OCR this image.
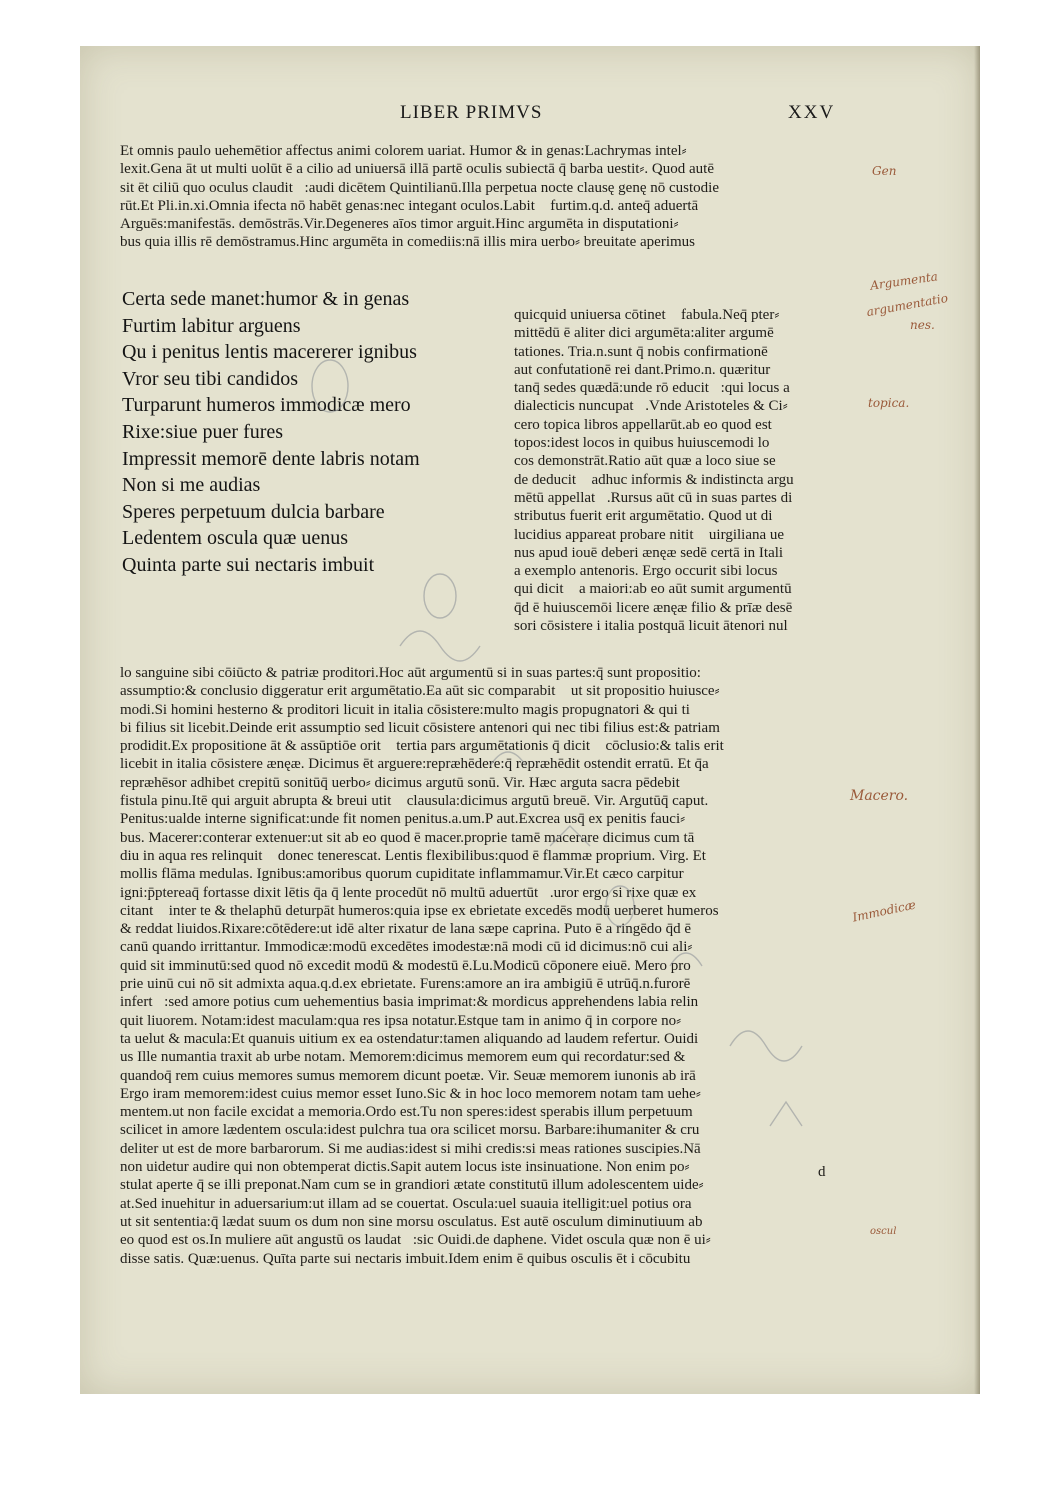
LIBER PRIMVS	XXV
Et omnis paulo uehemētior affectus animi colorem uariat. Humor & in genas:Lachrymas intel⸗
lexit.Gena āt ut multi uolūt ē a cilio ad uniuersā illā partē oculis subiectā q̄ barba uestit⸗. Quod autē
sit ēt ciliū quo oculus clauditᷓ:audi dicētem Quintilianū.Illa perpetua nocte clausę genę nō custodie
rūt.Et Pli.in.xi.Omnia ifecta nō habēt genas:nec integant oculos.Labitᷓ furtim.q.d. anteq̄ aduertā
Arguēs:manifestās. demōstrās.Vir.Degeneres aīos timor arguit.Hinc argumēta in disputationi⸗
bus quia illis rē demōstramus.Hinc argumēta in comediis:nā illis mira uerbo⸗ breuitate aperimus
Certa sede manet:humor & in genas
Furtim labitur arguens
Qu i penitus lentis macererer ignibus
Vror seu tibi candidos
Turparunt humeros immodicæ mero
Rixe:siue puer fures
Impressit memorē dente labris notam
Non si me audias
Speres perpetuum dulcia barbare
Ledentem oscula quæ uenus
Quinta parte sui nectaris imbuit
quicquid uniuersa cōtinetᷓ fabula.Neq̄ pter⸗
mittēdū ē aliter dici argumēta:aliter argumē
tationes. Tria.n.sunt q̄ nobis confirmationē
aut confutationē rei dant.Primo.n. quæritur
tanq̄ sedes quædā:unde rō educitᷓ:qui locus a
dialecticis nuncupatᷓ.Vnde Aristoteles & Ci⸗
cero topica libros appellarūt.ab eo quod est
topos:idest locos in quibus huiuscemodi lo
cos demonstrāt.Ratio aūt quæ a loco siue se
de deducitᷓ adhuc informis & indistincta argu
mētū appellatᷓ.Rursus aūt cū in suas partes di
stributus fuerit erit argumētatio. Quod ut di
lucidius appareat probare nititᷓ uirgiliana ue
nus apud iouē deberi ænęæ sedē certā in Itali
a exemplo antenoris. Ergo occurit sibi locus
qui dicitᷓ a maiori:ab eo aūt sumit argumentū
q̄d ē huiuscemōi licere ænęæ filio & prīæ desē
sori cōsistere i italia postquā licuit ātenori nul
lo sanguine sibi cōiūcto & patriæ proditori.Hoc aūt argumentū si in suas partes:q̄ sunt propositio:
assumptio:& conclusio diggeratur erit argumētatio.Ea aūt sic comparabitᷓ ut sit propositio huiusce⸗
modi.Si homini hesterno & proditori licuit in italia cōsistere:multo magis propugnatori & qui ti
bi filius sit licebit.Deinde erit assumptio sed licuit cōsistere antenori qui nec tibi filius est:& patriam
prodidit.Ex propositione āt & assūptiōe oritᷓ tertia pars argumētationis q̄ dicitᷓ cōclusio:& talis erit
licebit in italia cōsistere ænęæ. Dicimus ēt arguere:repræhēdere:q̄ repræhēdit ostendit erratū. Et q̄a
repræhēsor adhibet crepitū sonitūq̄ uerbo⸗ dicimus argutū sonū. Vir. Hæc arguta sacra pēdebit
fistula pinu.Itē qui arguit abrupta & breui utitᷓ clausula:dicimus argutū breuē. Vir. Argutūq̄ caput.
Penitus:ualde interne significat:unde fit nomen penitus.a.um.P aut.Excrea usq̄ ex penitis fauci⸗
bus. Macerer:conterar extenuer:ut sit ab eo quod ē macer.proprie tamē macerare dicimus cum tā
diu in aqua res relinquitᷓ donec tenerescat. Lentis flexibilibus:quod ē flammæ proprium. Virg. Et
mollis flāma medulas. Ignibus:amoribus quorum cupiditate inflammamur.Vir.Et cæco carpitur
igni:p̄ptereaq̄ fortasse dixit lētis q̄a q̄ lente procedūt nō multū aduertūtᷓ.uror ergo si rixe quæ ex
citantᷓ inter te & thelaphū deturpāt humeros:quia ipse ex ebrietate excedēs modū uerberet humeros
& reddat liuidos.Rixare:cōtēdere:ut idē alter rixatur de lana sæpe caprina. Puto ē a ringēdo q̄d ē
canū quando irrittantur. Immodicæ:modū excedētes imodestæ:nā modi cū id dicimus:nō cui ali⸗
quid sit imminutū:sed quod nō excedit modū & modestū ē.Lu.Modicū cōponere eiuē. Mero pro
prie uinū cui nō sit admixta aqua.q.d.ex ebrietate. Furens:amore an ira ambigiū ē utrūq̄.n.furorē
infertᷓ:sed amore potius cum uehementius basia imprimat:& mordicus apprehendens labia relin
quit liuorem. Notam:idest maculam:qua res ipsa notatur.Estque tam in animo q̄ in corpore no⸗
ta uelut & macula:Et quanuis uitium ex ea ostendatur:tamen aliquando ad laudem refertur. Ouidi
us Ille numantia traxit ab urbe notam. Memorem:dicimus memorem eum qui recordatur:sed &
quandoq̄ rem cuius memores sumus memorem dicunt poetæ. Vir. Seuæ memorem iunonis ab irā
Ergo iram memorem:idest cuius memor esset Iuno.Sic & in hoc loco memorem notam tam uehe⸗
mentem.ut non facile excidat a memoria.Ordo est.Tu non speres:idest sperabis illum perpetuum
scilicet in amore lædentem oscula:idest pulchra tua ora scilicet morsu. Barbare:ihumaniter & cru
deliter ut est de more barbarorum. Si me audias:idest si mihi credis:si meas rationes suscipies.Nā
non uidetur audire qui non obtemperat dictis.Sapit autem locus iste insinuatione. Non enim po⸗
stulat aperte q̄ se illi preponat.Nam cum se in grandiori ætate constitutū illum adolescentem uide⸗
at.Sed inuehitur in aduersarium:ut illam ad se couertat. Oscula:uel suauia itelligit:uel potius ora
ut sit sententia:q̄ lædat suum os dum non sine morsu osculatus. Est autē osculum diminutiuum ab
eo quod est os.In muliere aūt angustū os laudatᷓ:sic Ouidi.de daphene. Videt oscula quæ non ē ui⸗
disse satis. Quæ:uenus. Quīta parte sui nectaris imbuit.Idem enim ē quibus osculis ēt i cōcubitu
d
Gen
Argumenta
argumentatio
nes.
topica.
Macero.
Immodicæ
oscul
